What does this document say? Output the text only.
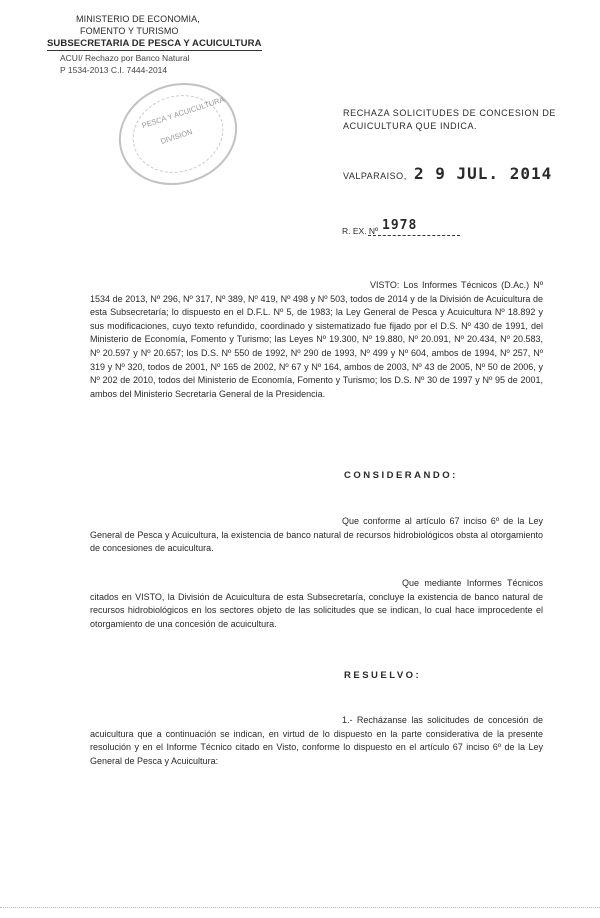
MINISTERIO DE ECONOMIA,
FOMENTO Y TURISMO
SUBSECRETARIA DE PESCA Y ACUICULTURA
ACUI/ Rechazo por Banco Natural
P 1534-2013 C.I. 7444-2014
PESCA Y ACUICULTURA
DIVISION
RECHAZA SOLICITUDES DE CONCESION DE
ACUICULTURA QUE INDICA.
VALPARAISO, 2 9 JUL. 2014
R. EX. Nº 1978

VISTO: Los Informes Técnicos (D.Ac.) Nº 1534 de 2013, Nº 296, Nº 317, Nº 389, Nº 419, Nº 498 y Nº 503, todos de 2014 y de la División de Acuicultura de esta Subsecretaría; lo dispuesto en el D.F.L. Nº 5, de 1983; la Ley General de Pesca y Acuicultura Nº 18.892 y sus modificaciones, cuyo texto refundido, coordinado y sistematizado fue fijado por el D.S. Nº 430 de 1991, del Ministerio de Economía, Fomento y Turismo; las Leyes Nº 19.300, Nº 19.880, Nº 20.091, Nº 20.434, Nº 20.583, Nº 20.597 y Nº 20.657; los D.S. Nº 550 de 1992, Nº 290 de 1993, Nº 499 y Nº 604, ambos de 1994, Nº 257, Nº 319 y Nº 320, todos de 2001, Nº 165 de 2002, Nº 67 y Nº 164, ambos de 2003, Nº 43 de 2005, Nº 50 de 2006, y Nº 202 de 2010, todos del Ministerio de Economía, Fomento y Turismo; los D.S. Nº 30 de 1997 y Nº 95 de 2001, ambos del Ministerio Secretaría General de la Presidencia.

CONSIDERANDO:

Que conforme al artículo 67 inciso 6º de la Ley General de Pesca y Acuicultura, la existencia de banco natural de recursos hidrobiológicos obsta al otorgamiento de concesiones de acuicultura.

Que mediante Informes Técnicos citados en VISTO, la División de Acuicultura de esta Subsecretaría, concluye la existencia de banco natural de recursos hidrobiológicos en los sectores objeto de las solicitudes que se indican, lo cual hace improcedente el otorgamiento de una concesión de acuicultura.

RESUELVO:

1.- Recházanse las solicitudes de concesión de acuicultura que a continuación se indican, en virtud de lo dispuesto en la parte considerativa de la presente resolución y en el Informe Técnico citado en Visto, conforme lo dispuesto en el artículo 67 inciso 6º de la Ley General de Pesca y Acuicultura:
